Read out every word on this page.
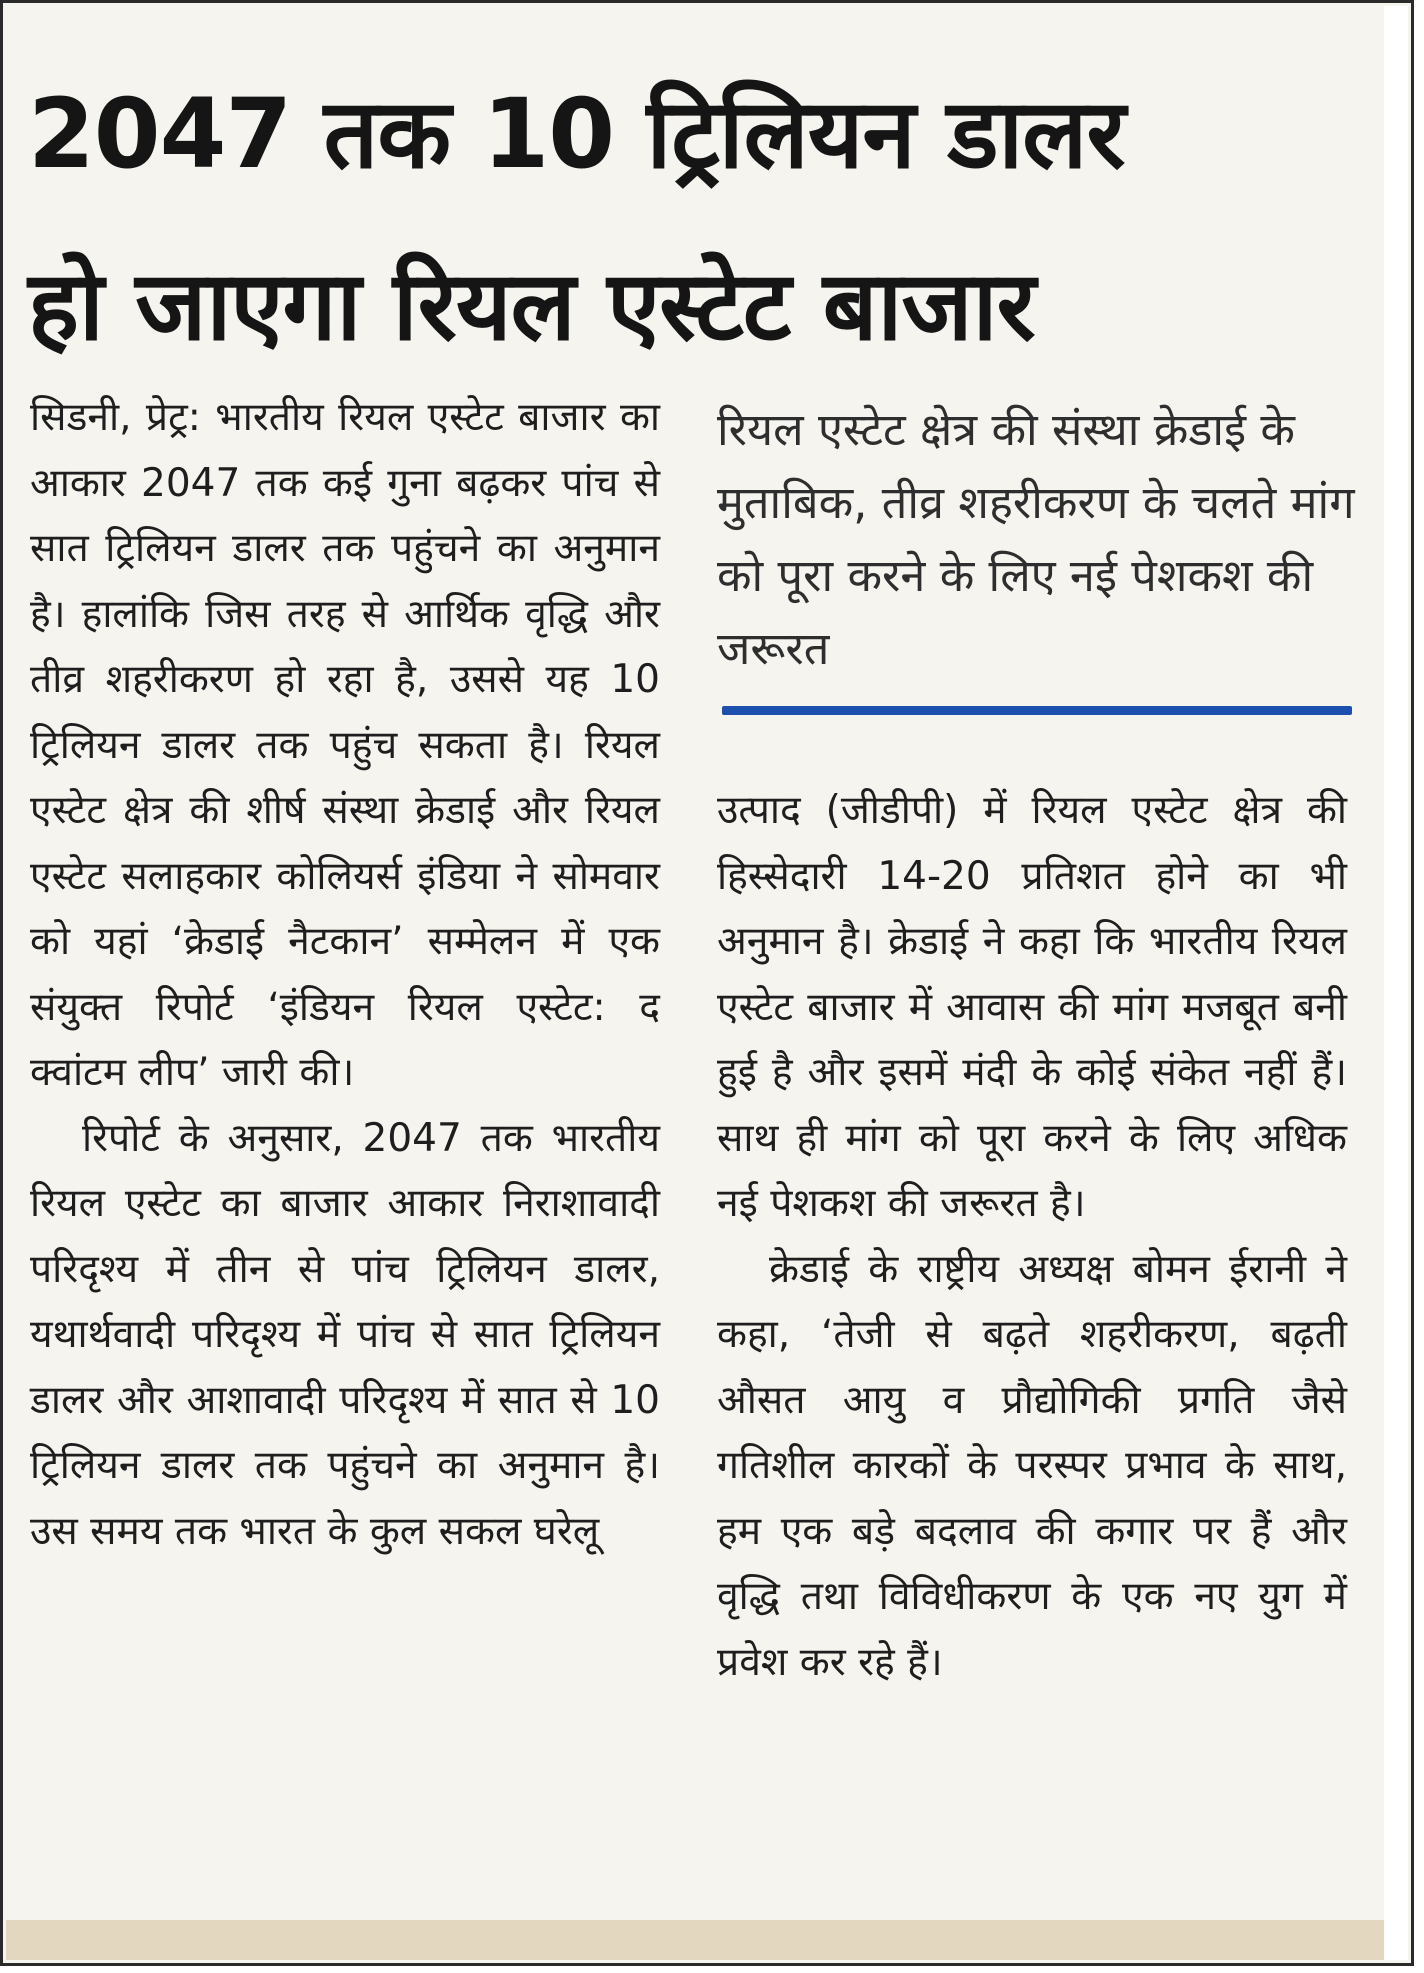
2047 तक 10 ट्रिलियन डालर
हो जाएगा रियल एस्टेट बाजार

सिडनी, प्रेट्र: भारतीय रियल एस्टेट बाजार का आकार 2047 तक कई गुना बढ़कर पांच से सात ट्रिलियन डालर तक पहुंचने का अनुमान है। हालांकि जिस तरह से आर्थिक वृद्धि और तीव्र शहरीकरण हो रहा है, उससे यह 10 ट्रिलियन डालर तक पहुंच सकता है। रियल एस्टेट क्षेत्र की शीर्ष संस्था क्रेडाई और रियल एस्टेट सलाहकार कोलियर्स इंडिया ने सोमवार को यहां ‘क्रेडाई नैटकान’ सम्मेलन में एक संयुक्त रिपोर्ट ‘इंडियन रियल एस्टेट: द क्वांटम लीप’ जारी की।

रिपोर्ट के अनुसार, 2047 तक भारतीय रियल एस्टेट का बाजार आकार निराशावादी परिदृश्य में तीन से पांच ट्रिलियन डालर, यथार्थवादी परिदृश्य में पांच से सात ट्रिलियन डालर और आशावादी परिदृश्य में सात से 10 ट्रिलियन डालर तक पहुंचने का अनुमान है। उस समय तक भारत के कुल सकल घरेलू

रियल एस्टेट क्षेत्र की संस्था क्रेडाई के मुताबिक, तीव्र शहरीकरण के चलते मांग को पूरा करने के लिए नई पेशकश की जरूरत

उत्पाद (जीडीपी) में रियल एस्टेट क्षेत्र की हिस्सेदारी 14-20 प्रतिशत होने का भी अनुमान है। क्रेडाई ने कहा कि भारतीय रियल एस्टेट बाजार में आवास की मांग मजबूत बनी हुई है और इसमें मंदी के कोई संकेत नहीं हैं। साथ ही मांग को पूरा करने के लिए अधिक नई पेशकश की जरूरत है।

क्रेडाई के राष्ट्रीय अध्यक्ष बोमन ईरानी ने कहा, ‘तेजी से बढ़ते शहरीकरण, बढ़ती औसत आयु व प्रौद्योगिकी प्रगति जैसे गतिशील कारकों के परस्पर प्रभाव के साथ, हम एक बड़े बदलाव की कगार पर हैं और वृद्धि तथा विविधीकरण के एक नए युग में प्रवेश कर रहे हैं।
